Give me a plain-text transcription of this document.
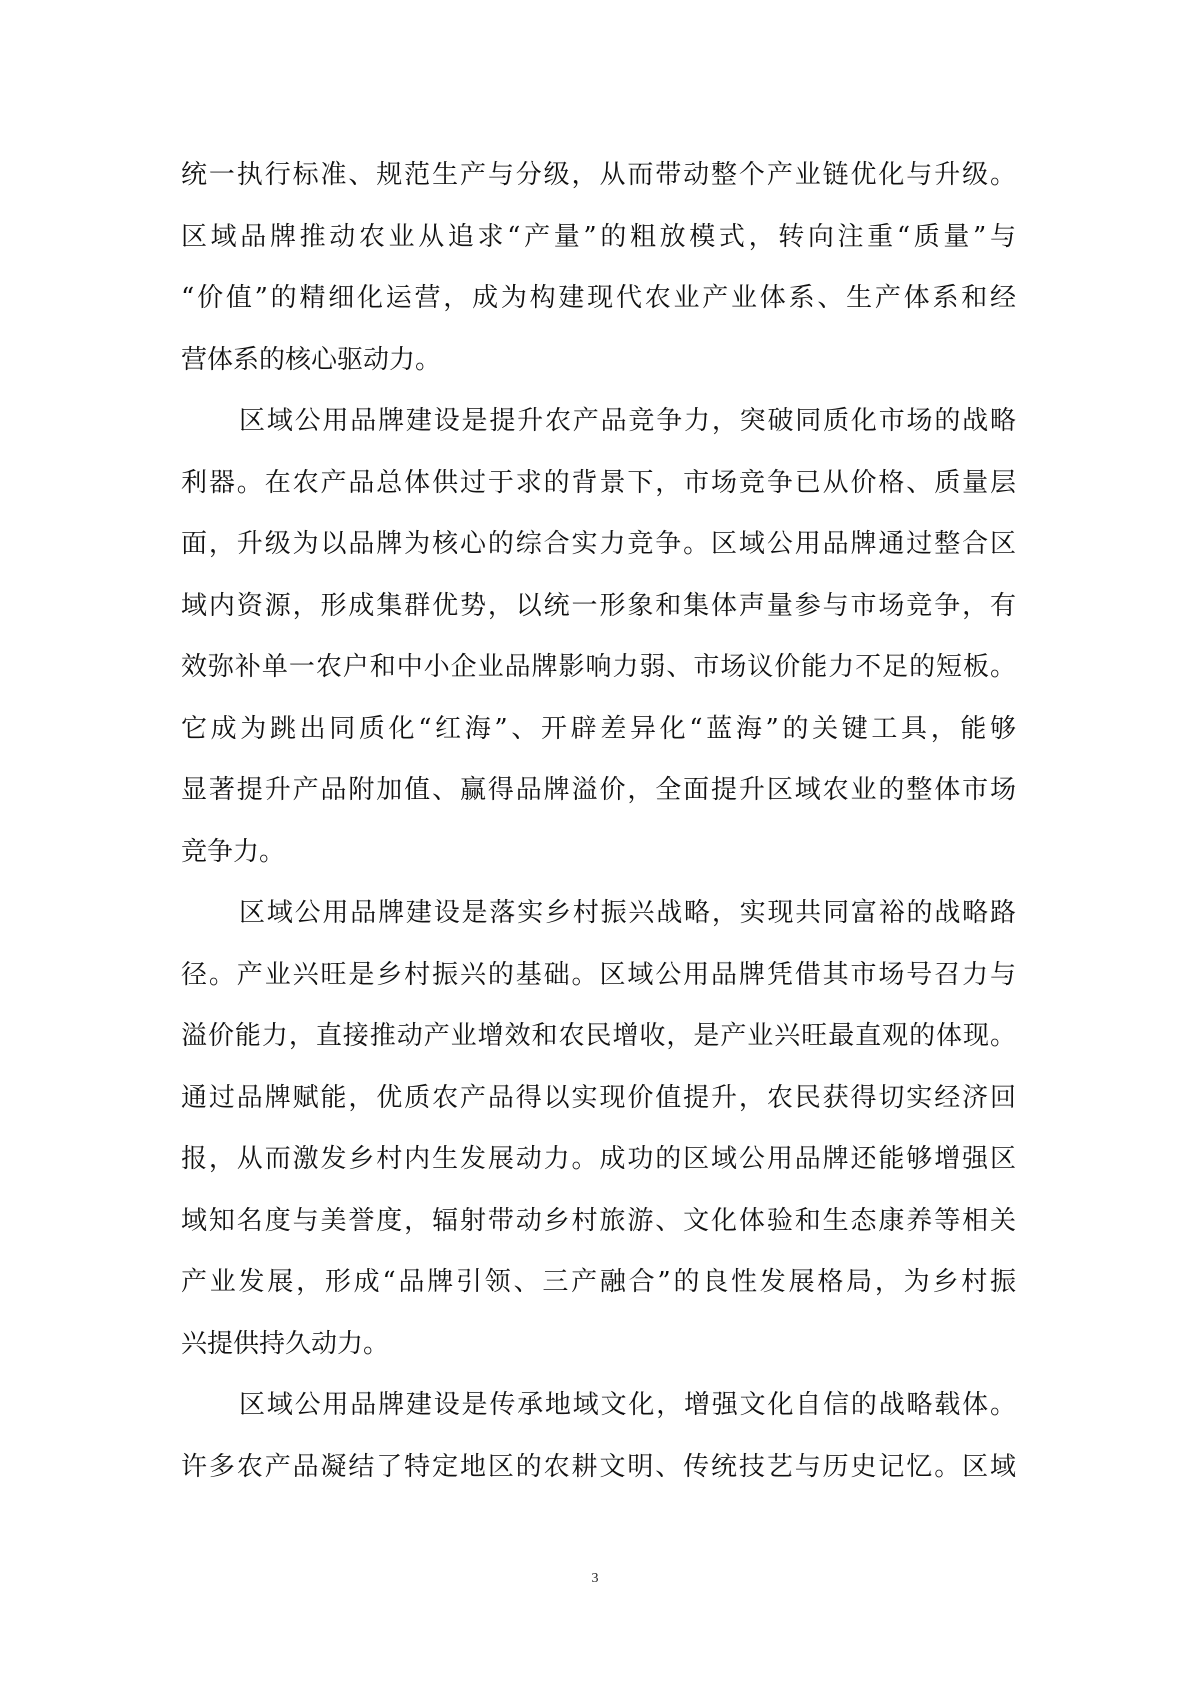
统一执行标准、规范生产与分级，从而带动整个产业链优化与升级。
区域品牌推动农业从追求“产量”的粗放模式，转向注重“质量”与
“价值”的精细化运营，成为构建现代农业产业体系、生产体系和经
营体系的核心驱动力。
区域公用品牌建设是提升农产品竞争力，突破同质化市场的战略
利器。在农产品总体供过于求的背景下，市场竞争已从价格、质量层
面，升级为以品牌为核心的综合实力竞争。区域公用品牌通过整合区
域内资源，形成集群优势，以统一形象和集体声量参与市场竞争，有
效弥补单一农户和中小企业品牌影响力弱、市场议价能力不足的短板。
它成为跳出同质化“红海”、开辟差异化“蓝海”的关键工具，能够
显著提升产品附加值、赢得品牌溢价，全面提升区域农业的整体市场
竞争力。
区域公用品牌建设是落实乡村振兴战略，实现共同富裕的战略路
径。产业兴旺是乡村振兴的基础。区域公用品牌凭借其市场号召力与
溢价能力，直接推动产业增效和农民增收，是产业兴旺最直观的体现。
通过品牌赋能，优质农产品得以实现价值提升，农民获得切实经济回
报，从而激发乡村内生发展动力。成功的区域公用品牌还能够增强区
域知名度与美誉度，辐射带动乡村旅游、文化体验和生态康养等相关
产业发展，形成“品牌引领、三产融合”的良性发展格局，为乡村振
兴提供持久动力。
区域公用品牌建设是传承地域文化，增强文化自信的战略载体。
许多农产品凝结了特定地区的农耕文明、传统技艺与历史记忆。区域
3
